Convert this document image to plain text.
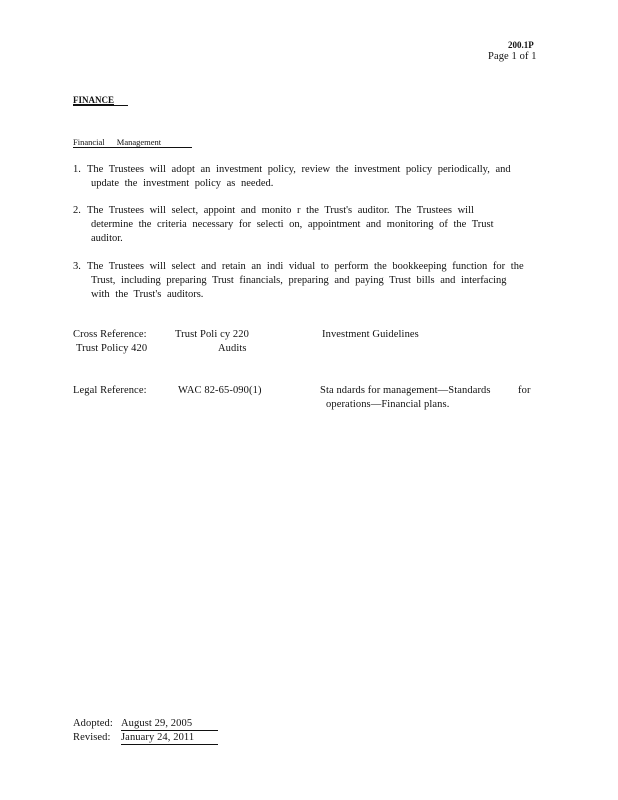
200.1P
Page 1 of 1
FINANCE
Financial Management
1. The Trustees will adopt an investment policy, review the investment policy periodically, and
update the investment policy as needed.
2. The Trustees will select, appoint and monito r the Trust's auditor. The Trustees will
determine the criteria necessary for selecti on, appointment and monitoring of the Trust
auditor.
3. The Trustees will select and retain an indi vidual to perform the bookkeeping function for the
Trust, including preparing Trust financials, preparing and paying Trust bills and interfacing
with the Trust's auditors.
Cross Reference:	Trust Poli cy 220	Investment Guidelines
Trust Policy 420	Audits
Legal Reference:	WAC 82-65-090(1)	Sta ndards for management—Standards	for
operations—Financial plans.
Adopted: August 29, 2005
Revised: January 24, 2011
